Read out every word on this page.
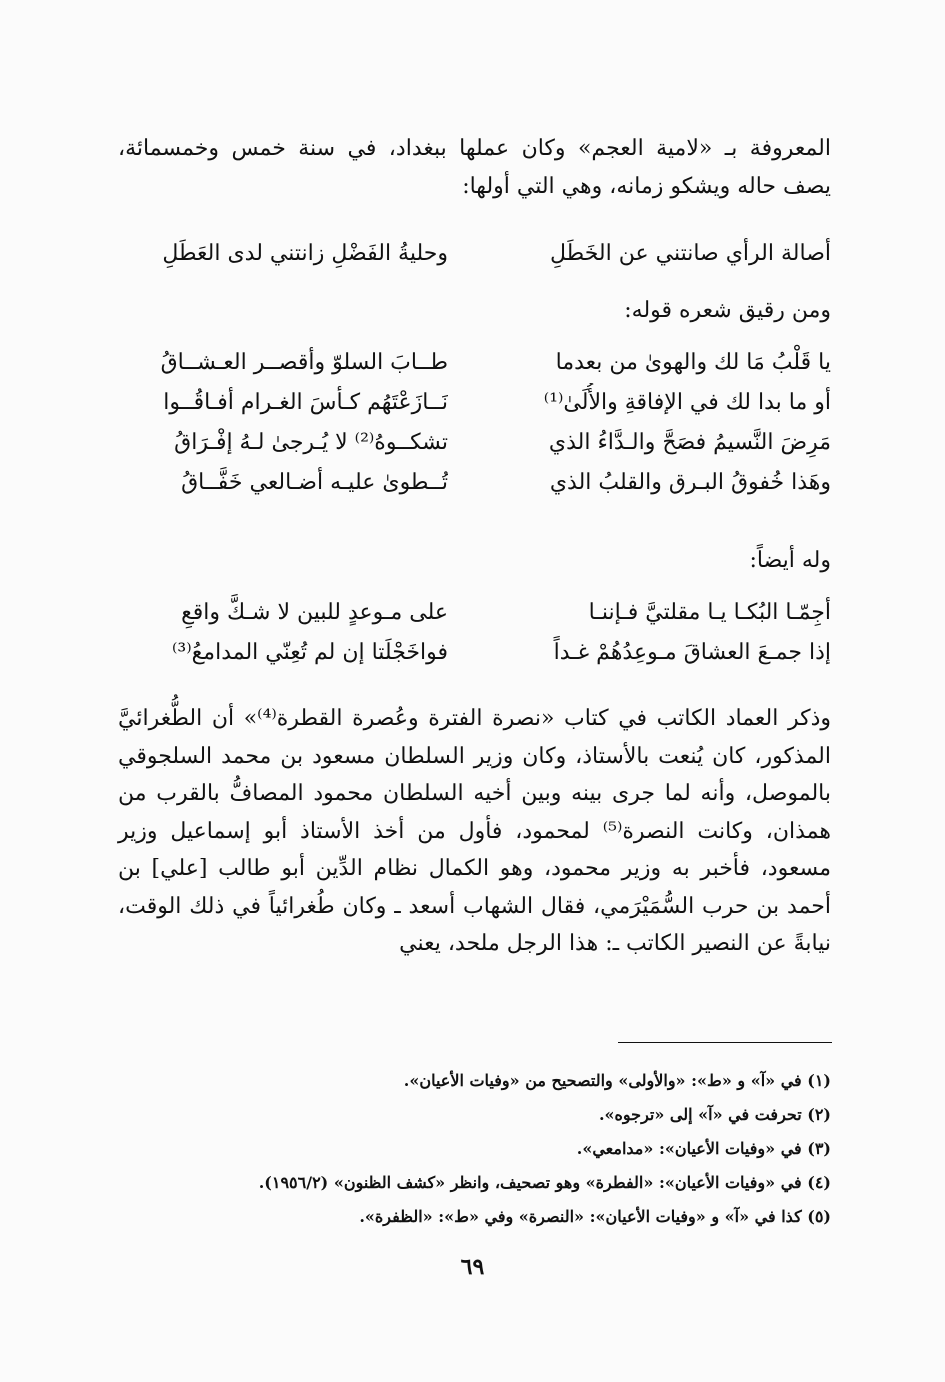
المعروفة بـ «لامية العجم» وكان عملها ببغداد، في سنة خمس وخمسمائة، يصف حاله ويشكو زمانه، وهي التي أولها:
أصالة الرأي صانتني عن الخَطَلِ
وحليةُ الفَضْلِ زانتني لدى العَطَلِ
ومن رقيق شعره قوله:
يا قَلْبُ مَا لك والهوىٰ من بعدما
طــابَ السلوّ وأقصــر العـشــاقُ
أو ما بدا لك في الإفاقةِ والأُلَىٰ⁽¹⁾
نَــازَعْتَهُم كـأسَ الغـرام أفـاقُــوا
مَرِضَ النَّسيمُ فصَحَّ والـدَّاءُ الذي
تشكــوهُ⁽²⁾ لا يُـرجىٰ لـهُ إفْـرَاقُ
وهَذا خُفوقُ البـرق والقلبُ الذي
تُــطوىٰ عليـه أضـالعي خَفَّــاقُ
وله أيضاً:
أجِمّـا البُكـا يـا مقلتيَّ فـإننـا
على مـوعدٍ للبين لا شـكَّ واقعِ
إذا جمـعَ العشاقَ مـوعِدُهُمْ غـداً
فواخَجْلَتا إن لم تُعِنّي المدامعُ⁽³⁾
وذكر العماد الكاتب في كتاب «نصرة الفترة وعُصرة القطرة⁽⁴⁾» أن الطُّغرائيَّ المذكور، كان يُنعت بالأستاذ، وكان وزير السلطان مسعود بن محمد السلجوقي بالموصل، وأنه لما جرى بينه وبين أخيه السلطان محمود المصافُّ بالقرب من همذان، وكانت النصرة⁽⁵⁾ لمحمود، فأول من أخذ الأستاذ أبو إسماعيل وزير مسعود، فأخبر به وزير محمود، وهو الكمال نظام الدِّين أبو طالب [علي] بن أحمد بن حرب السُّمَيْرَمي، فقال الشهاب أسعد ـ وكان طُغرائياً في ذلك الوقت، نيابةً عن النصير الكاتب ـ: هذا الرجل ملحد، يعني
(١) في «آ» و «ط»: «والأولى» والتصحيح من «وفيات الأعيان».
(٢) تحرفت في «آ» إلى «ترجوه».
(٣) في «وفيات الأعيان»: «مدامعي».
(٤) في «وفيات الأعيان»: «الفطرة» وهو تصحيف، وانظر «كشف الظنون» (١٩٥٦/٢).
(٥) كذا في «آ» و «وفيات الأعيان»: «النصرة» وفي «ط»: «الظفرة».
٦٩
